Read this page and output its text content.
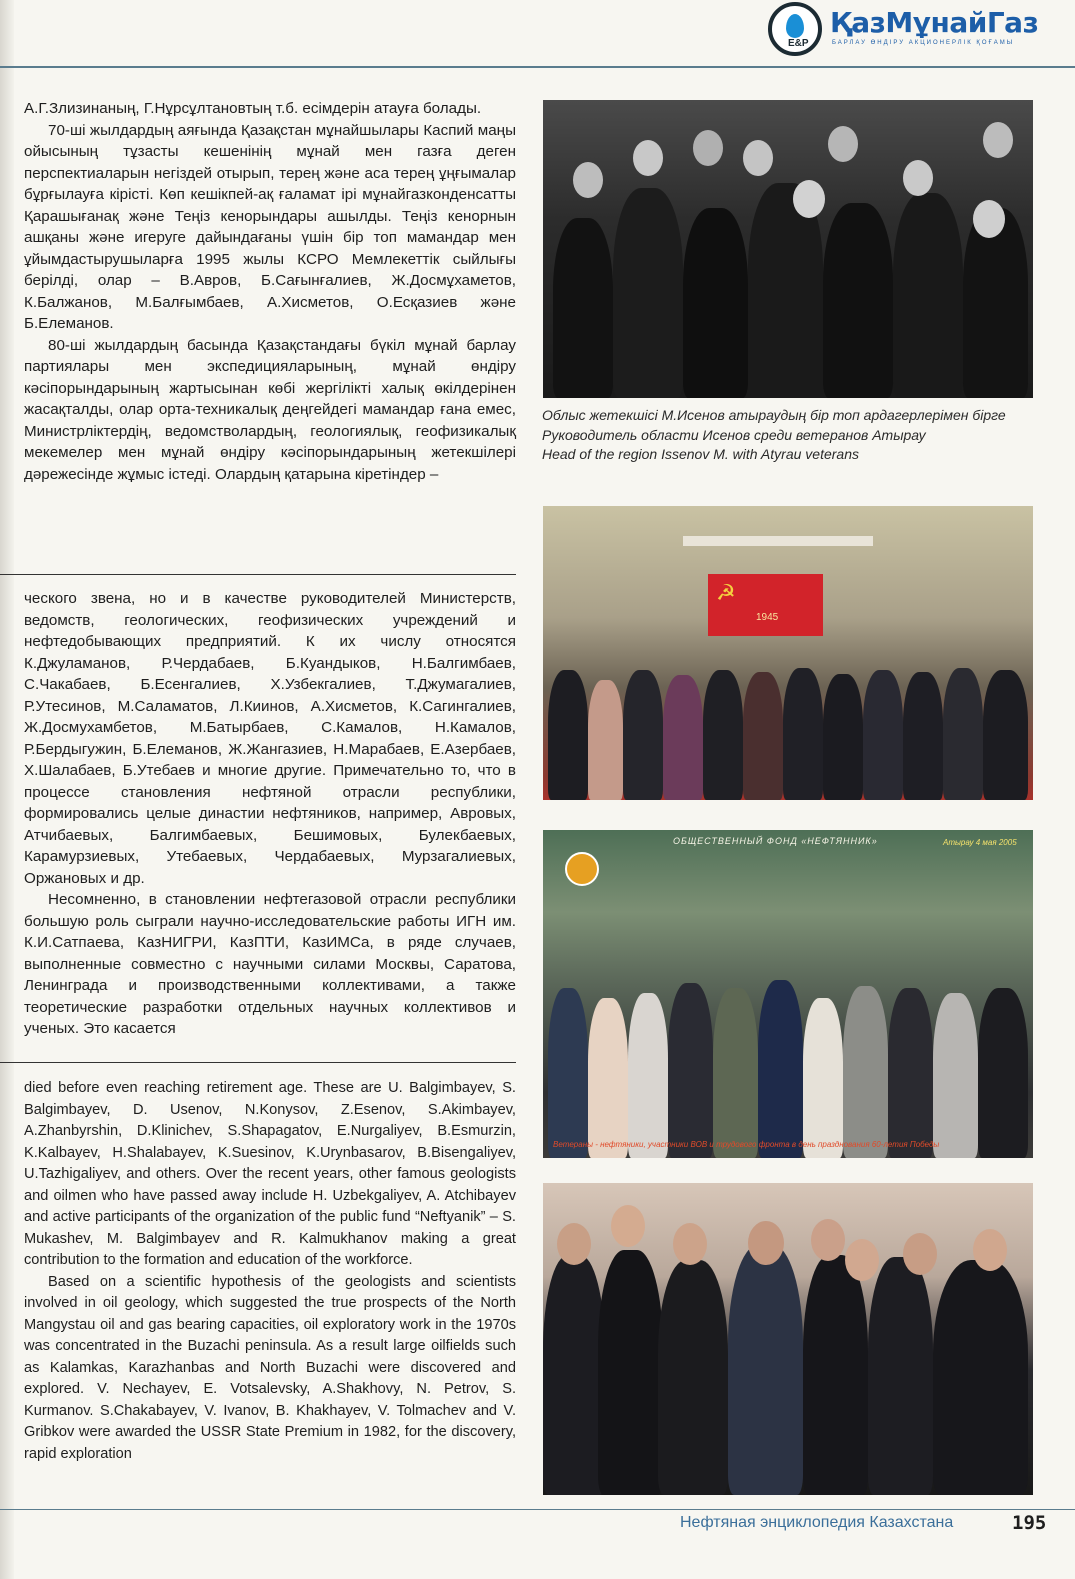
E&P
ҚазМұнайГаз
БАРЛАУ ӨНДІРУ АКЦИОНЕРЛІК ҚОҒАМЫ

А.Г.Злизинаның, Г.Нұрсұлтановтың т.б. есімдерін атауға болады.

70-ші жылдардың аяғында Қазақстан мұнайшылары Каспий маңы ойысының тұзасты кешенінің мұнай мен газға деген перспектиаларын негіздей отырып, терең және аса терең ұңғымалар бұрғылауға кірісті. Көп кешікпей-ақ ғаламат ірі мұнайгазконденсатты Қарашығанақ және Теңіз кенорындары ашылды. Теңіз кенорнын ашқаны және игеруге дайындағаны үшін бір топ мамандар мен ұйымдастырушыларға 1995 жылы КСРО Мемлекеттік сыйлығы берілді, олар – В.Авров, Б.Сағынғалиев, Ж.Досмұхаметов, К.Балжанов, М.Балғымбаев, А.Хисметов, О.Есқазиев және Б.Елеманов.

80-ші жылдардың басында Қазақстандағы бүкіл мұнай барлау партиялары мен экспедицияларының, мұнай өндіру кәсіпорындарының жартысынан көбі жергілікті халық өкілдерінен жасақталды, олар орта-техникалық деңгейдегі мамандар ғана емес, Министрліктердің, ведомстволардың, геологиялық, геофизикалық мекемелер мен мұнай өндіру кәсіпорындарының жетекшілері дәрежесінде жұмыс істеді. Олардың қатарына кіретіндер –

ческого звена, но и в качестве руководителей Министерств, ведомств, геологических, геофизических учреждений и нефтедобывающих предприятий. К их числу относятся К.Джуламанов, Р.Чердабаев, Б.Куандыков, Н.Балгимбаев, С.Чакабаев, Б.Есенгалиев, Х.Узбекгалиев, Т.Джумагалиев, Р.Утесинов, М.Саламатов, Л.Киинов, А.Хисметов, К.Сагингалиев, Ж.Досмухамбетов, М.Батырбаев, С.Камалов, Н.Камалов, Р.Бердыгужин, Б.Елеманов, Ж.Жангазиев, Н.Марабаев, Е.Азербаев, Х.Шалабаев, Б.Утебаев и многие другие. Примечательно то, что в процессе становления нефтяной отрасли республики, формировались целые династии нефтяников, например, Авровых, Атчибаевых, Балгимбаевых, Бешимовых, Булекбаевых, Карамурзиевых, Утебаевых, Чердабаевых, Мурзагалиевых, Оржановых и др.

Несомненно, в становлении нефтегазовой отрасли республики большую роль сыграли научно-исследовательские работы ИГН им. К.И.Сатпаева, КазНИГРИ, КазПТИ, КазИМСа, в ряде случаев, выполненные совместно с научными силами Москвы, Саратова, Ленинграда и производственными коллективами, а также теоретические разработки отдельных научных коллективов и ученых. Это касается

died before even reaching retirement age. These are U. Balgimbayev, S. Balgimbayev, D. Usenov, N.Konysov, Z.Esenov, S.Akimbayev, A.Zhanbyrshin, D.Klinichev, S.Shapagatov, E.Nurgaliyev, B.Esmurzin, K.Kalbayev, H.Shalabayev, K.Suesinov, K.Urynbasarov, B.Bisengaliyev, U.Tazhigaliyev, and others. Over the recent years, other famous geologists and oilmen who have passed away include H. Uzbekgaliyev, A. Atchibayev and active participants of the organization of the public fund “Neftyanik” – S. Mukashev, M. Balgimbayev and R. Kalmukhanov making a great contribution to the formation and education of the workforce.

Based on a scientific hypothesis of the geologists and scientists involved in oil geology, which suggested the true prospects of the North Mangystau oil and gas bearing capacities, oil exploratory work in the 1970s was concentrated in the Buzachi peninsula. As a result large oilfields such as Kalamkas, Karazhanbas and North Buzachi were discovered and explored. V. Nechayev, E. Votsalevsky, A.Shakhovy, N. Petrov, S. Kurmanov. S.Chakabayev, V. Ivanov, B. Khakhayev, V. Tolmachev and V. Gribkov were awarded the USSR State Premium in 1982, for the discovery, rapid exploration

Облыс жетекшісі М.Исенов атыраудың бір топ ардагерлерімен бірге
Руководитель области Исенов среди ветеранов Атырау
Head of the region Issenov M. with Atyrau veterans
☭
1945
ОБЩЕСТВЕННЫЙ ФОНД «НЕФТЯННИК»	Атырау 4 мая 2005
Ветераны - нефтяники, участники ВОВ и трудового фронта в день празднования 60-летия Победы
Нефтяная энциклопедия Казахстана	195
